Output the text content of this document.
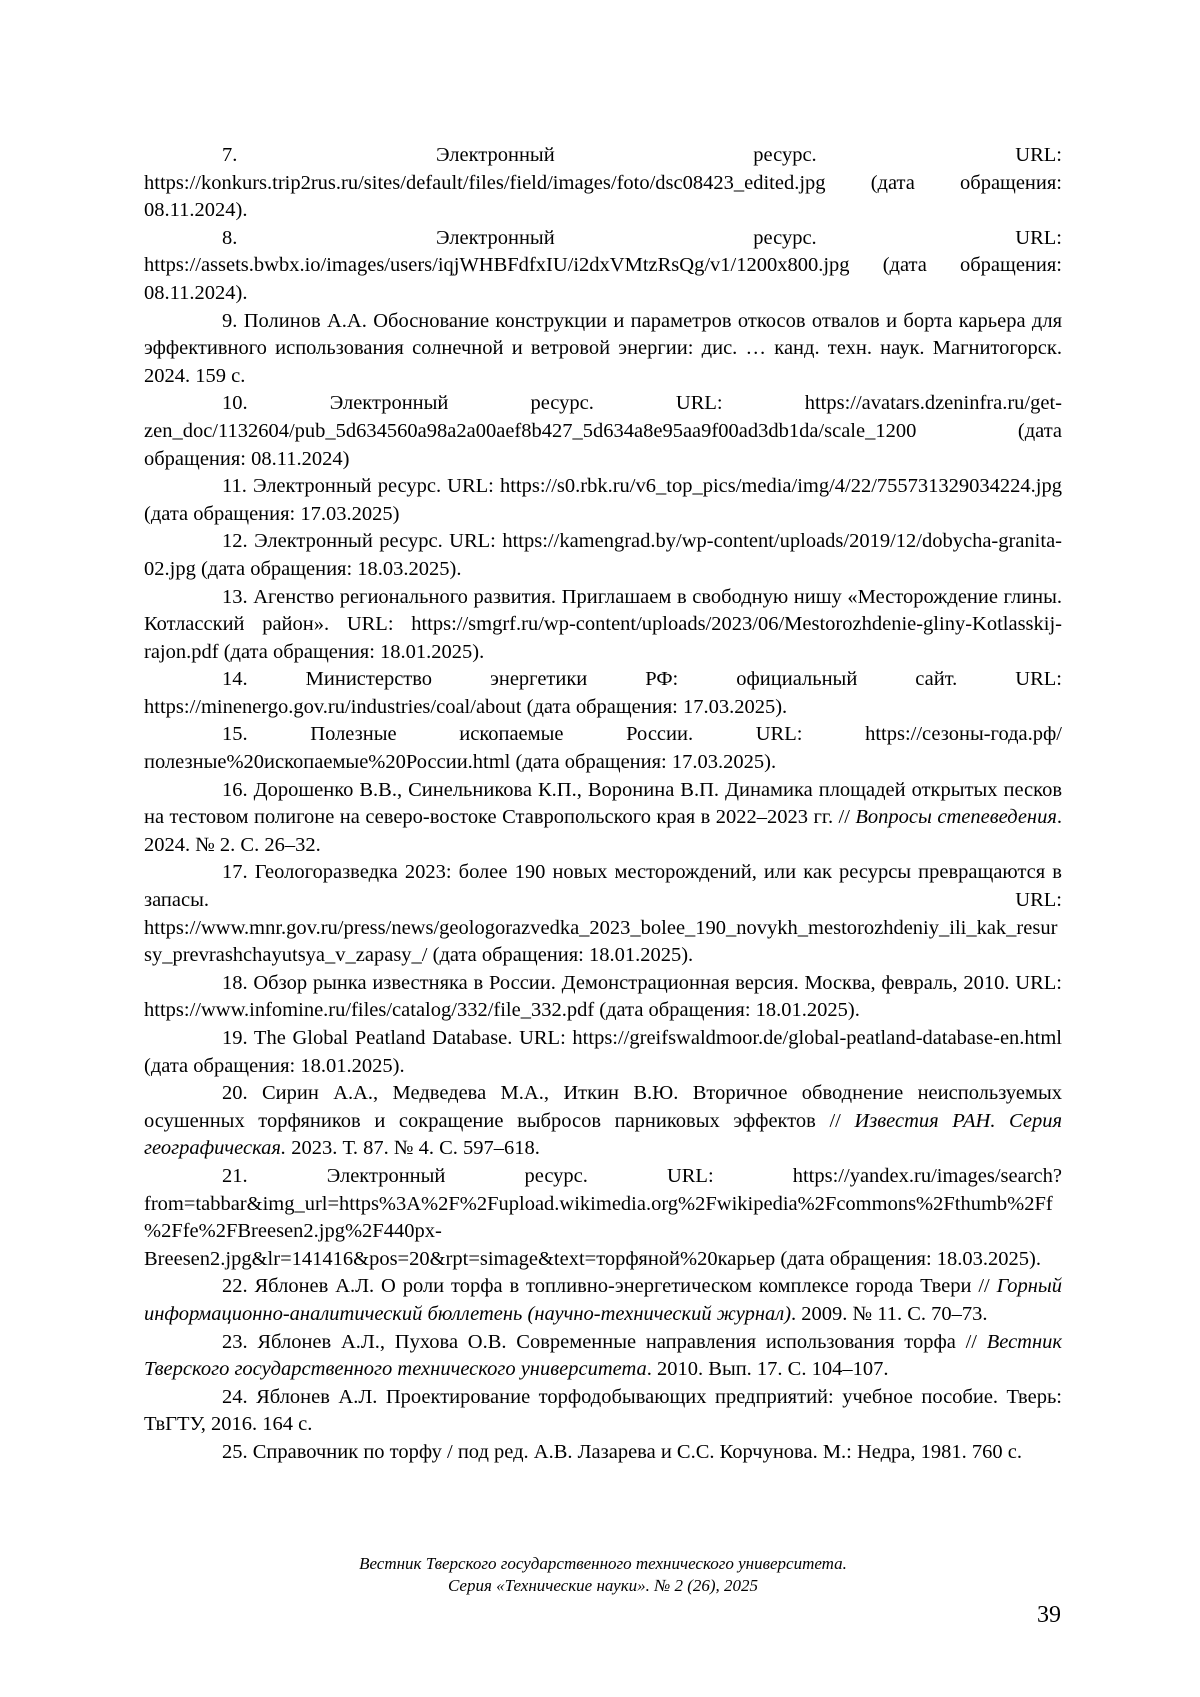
7. Электронный ресурс. URL: https://konkurs.trip2rus.ru/sites/default/files/field/images/foto/dsc08423_edited.jpg (дата обращения: 08.11.2024).

8. Электронный ресурс. URL: https://assets.bwbx.io/images/users/iqjWHBFdfxIU/i2dxVMtzRsQg/v1/1200x800.jpg (дата обращения: 08.11.2024).

9. Полинов А.А. Обоснование конструкции и параметров откосов отвалов и борта карьера для эффективного использования солнечной и ветровой энергии: дис. … канд. техн. наук. Магнитогорск. 2024. 159 с.

10. Электронный ресурс. URL: https://avatars.dzeninfra.ru/get-zen_doc/1132604/pub_5d634560a98a2a00aef8b427_5d634a8e95aa9f00ad3db1da/scale_1200 (дата обращения: 08.11.2024)

11. Электронный ресурс. URL: https://s0.rbk.ru/v6_top_pics/media/img/4/22/755731329034224.jpg (дата обращения: 17.03.2025)

12. Электронный ресурс. URL: https://kamengrad.by/wp-content/uploads/2019/12/dobycha-granita-02.jpg (дата обращения: 18.03.2025).

13. Агенство регионального развития. Приглашаем в свободную нишу «Месторождение глины. Котласский район». URL: https://smgrf.ru/wp-content/uploads/2023/06/Mestorozhdenie-gliny-Kotlasskij-rajon.pdf (дата обращения: 18.01.2025).

14. Министерство энергетики РФ: официальный сайт. URL: https://minenergo.gov.ru/industries/coal/about (дата обращения: 17.03.2025).

15. Полезные ископаемые России. URL: https://сезоны-года.рф/полезные%20ископаемые%20России.html (дата обращения: 17.03.2025).

16. Дорошенко В.В., Синельникова К.П., Воронина В.П. Динамика площадей открытых песков на тестовом полигоне на северо-востоке Ставропольского края в 2022–2023 гг. // Вопросы степеведения. 2024. № 2. С. 26–32.

17. Геологоразведка 2023: более 190 новых месторождений, или как ресурсы превращаются в запасы. URL: https://www.mnr.gov.ru/press/news/geologorazvedka_2023_bolee_190_novykh_mestorozhdeniy_ili_kak_resursy_prevrashchayutsya_v_zapasy_/ (дата обращения: 18.01.2025).

18. Обзор рынка известняка в России. Демонстрационная версия. Москва, февраль, 2010. URL: https://www.infomine.ru/files/catalog/332/file_332.pdf (дата обращения: 18.01.2025).

19. The Global Peatland Database. URL: https://greifswaldmoor.de/global-peatland-database-en.html (дата обращения: 18.01.2025).

20. Сирин А.А., Медведева М.А., Иткин В.Ю. Вторичное обводнение неиспользуемых осушенных торфяников и сокращение выбросов парниковых эффектов // Известия РАН. Серия географическая. 2023. Т. 87. № 4. С. 597–618.

21. Электронный ресурс. URL: https://yandex.ru/images/search?from=tabbar&img_url=https%3A%2F%2Fupload.wikimedia.org%2Fwikipedia%2Fcommons%2Fthumb%2Ff%2Ffe%2FBreesen2.jpg%2F440px-Breesen2.jpg&lr=141416&pos=20&rpt=simage&text=торфяной%20карьер (дата обращения: 18.03.2025).

22. Яблонев А.Л. О роли торфа в топливно-энергетическом комплексе города Твери // Горный информационно-аналитический бюллетень (научно-технический журнал). 2009. № 11. С. 70–73.

23. Яблонев А.Л., Пухова О.В. Современные направления использования торфа // Вестник Тверского государственного технического университета. 2010. Вып. 17. С. 104–107.

24. Яблонев А.Л. Проектирование торфодобывающих предприятий: учебное пособие. Тверь: ТвГТУ, 2016. 164 с.

25. Справочник по торфу / под ред. А.В. Лазарева и С.С. Корчунова. М.: Недра, 1981. 760 с.

Вестник Тверского государственного технического университета.
Серия «Технические науки». № 2 (26), 2025
39
